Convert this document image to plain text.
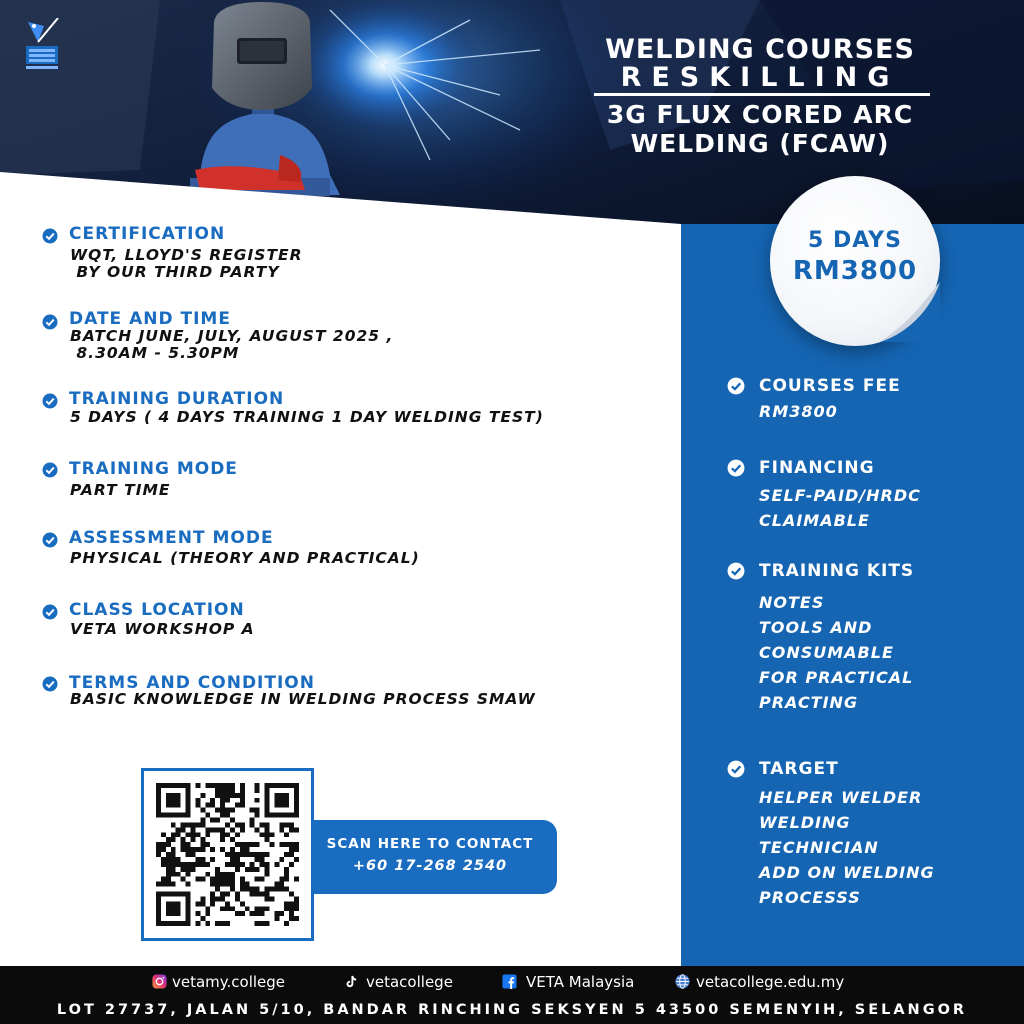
WELDING COURSES
RESKILLING
3G FLUX CORED ARC
WELDING (FCAW)
5 DAYS
RM3800
CERTIFICATION
WQT, LLOYD'S REGISTER
BY OUR THIRD PARTY
DATE AND TIME
BATCH JUNE, JULY, AUGUST 2025 ,
8.30AM - 5.30PM
TRAINING DURATION
5 DAYS ( 4 DAYS TRAINING 1 DAY WELDING TEST)
TRAINING MODE
PART TIME
ASSESSMENT MODE
PHYSICAL (THEORY AND PRACTICAL)
CLASS LOCATION
VETA WORKSHOP A
TERMS AND CONDITION
BASIC KNOWLEDGE IN WELDING PROCESS SMAW
COURSES FEE
RM3800
FINANCING
SELF-PAID/HRDC
CLAIMABLE
TRAINING KITS
NOTES
TOOLS AND
CONSUMABLE
FOR PRACTICAL
PRACTING
TARGET
HELPER WELDER
WELDING
TECHNICIAN
ADD ON WELDING
PROCESSS
SCAN HERE TO CONTACT
+60 17-268 2540
vetamy.college	vetacollege	VETA Malaysia	vetacollege.edu.my
LOT 27737, JALAN 5/10, BANDAR RINCHING SEKSYEN 5 43500 SEMENYIH, SELANGOR
